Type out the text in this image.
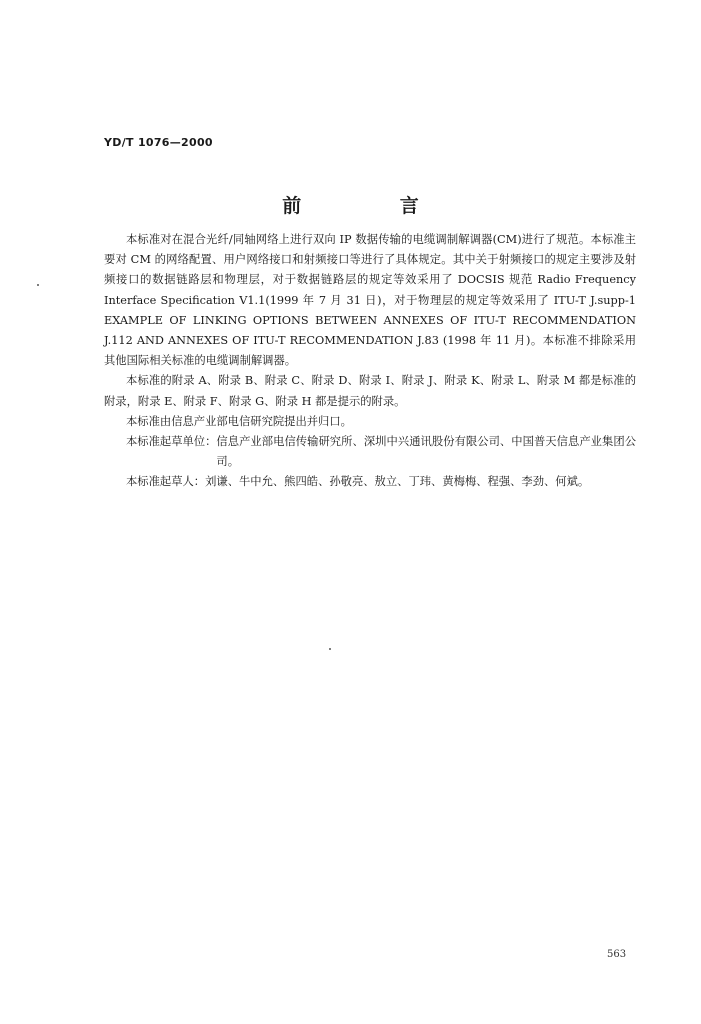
YD/T 1076—2000
前 言

本标准对在混合光纤/同轴网络上进行双向 IP 数据传输的电缆调制解调器(CM)进行了规范。本标准主要对 CM 的网络配置、用户网络接口和射频接口等进行了具体规定。其中关于射频接口的规定主要涉及射频接口的数据链路层和物理层，对于数据链路层的规定等效采用了 DOCSIS 规范 Radio Frequency Interface Specification V1.1(1999 年 7 月 31 日)，对于物理层的规定等效采用了 ITU-T J.supp-1 EXAMPLE OF LINKING OPTIONS BETWEEN ANNEXES OF ITU-T RECOMMENDATION J.112 AND ANNEXES OF ITU-T RECOMMENDATION J.83 (1998 年 11 月)。本标准不排除采用其他国际相关标准的电缆调制解调器。

本标准的附录 A、附录 B、附录 C、附录 D、附录 I、附录 J、附录 K、附录 L、附录 M 都是标准的附录，附录 E、附录 F、附录 G、附录 H 都是提示的附录。

本标准由信息产业部电信研究院提出并归口。

本标准起草单位： 信息产业部电信传输研究所、深圳中兴通讯股份有限公司、中国普天信息产业集团公司。
本标准起草人： 刘谦、牛中允、熊四皓、孙敬亮、敖立、丁玮、黄梅梅、程强、李劲、何斌。
563
